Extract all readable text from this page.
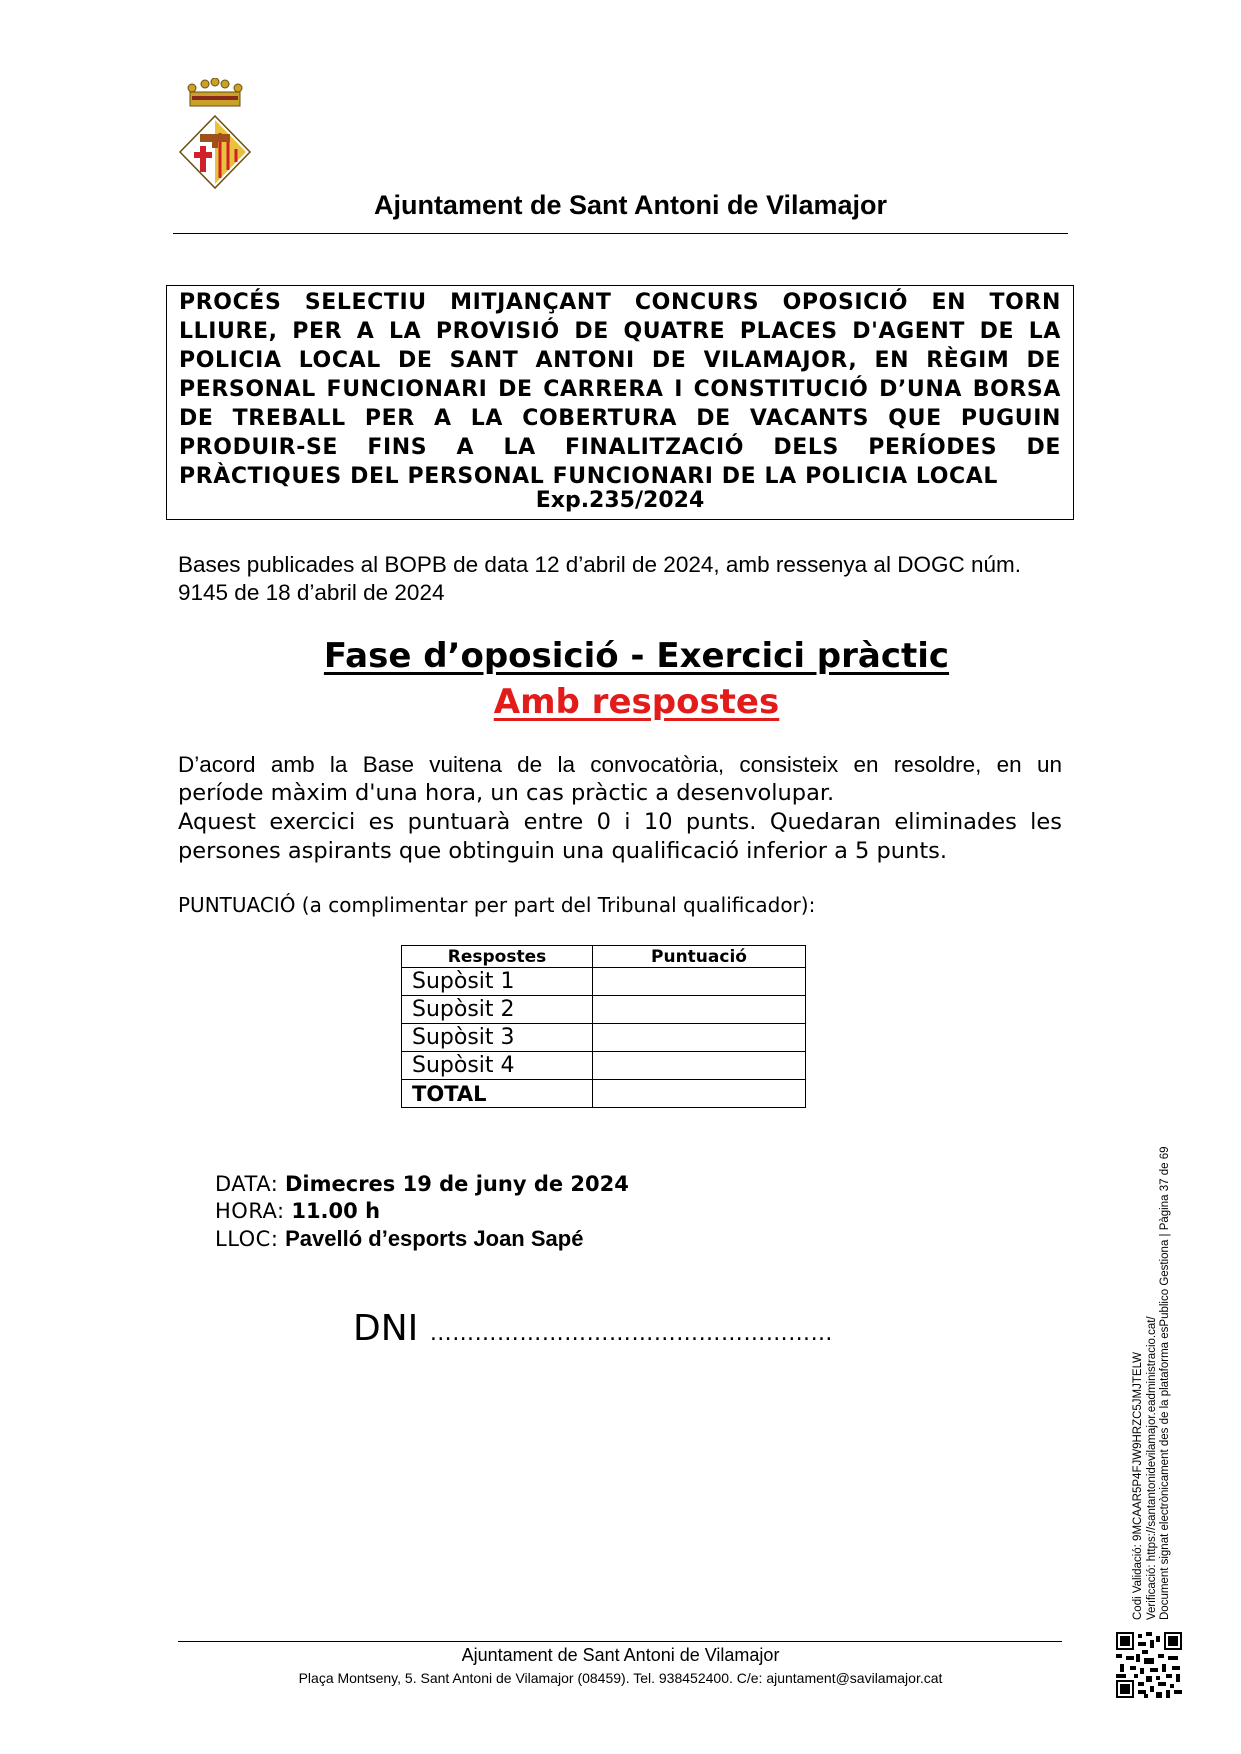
Ajuntament de Sant Antoni de Vilamajor
PROCÉS SELECTIU MITJANÇANT CONCURS OPOSICIÓ EN TORN LLIURE, PER A LA PROVISIÓ DE QUATRE PLACES D'AGENT DE LA POLICIA LOCAL DE SANT ANTONI DE VILAMAJOR, EN RÈGIM DE PERSONAL FUNCIONARI DE CARRERA I CONSTITUCIÓ D’UNA BORSA DE TREBALL PER A LA COBERTURA DE VACANTS QUE PUGUIN PRODUIR-SE FINS A LA FINALITZACIÓ DELS PERÍODES DE PRÀCTIQUES DEL PERSONAL FUNCIONARI DE LA POLICIA LOCAL
Exp.235/2024
Bases publicades al BOPB de data 12 d’abril de 2024, amb ressenya al DOGC núm. 9145 de 18 d’abril de 2024
Fase d’oposició - Exercici pràctic
Amb respostes
D’acord amb la Base vuitena de la convocatòria, consisteix en resoldre, en un
període màxim d'una hora, un cas pràctic a desenvolupar.
Aquest exercici es puntuarà entre 0 i 10 punts. Quedaran eliminades les
persones aspirants que obtinguin una qualificació inferior a 5 punts.
PUNTUACIÓ (a complimentar per part del Tribunal qualificador):
Respostes	Puntuació
Supòsit 1	
Supòsit 2	
Supòsit 3	
Supòsit 4	
TOTAL	
DATA: Dimecres 19 de juny de 2024
HORA: 11.00 h
LLOC: Pavelló d’esports Joan Sapé
DNI ………………………………………………
Ajuntament de Sant Antoni de Vilamajor
Plaça Montseny, 5. Sant Antoni de Vilamajor (08459). Tel. 938452400. C/e: ajuntament@savilamajor.cat
Codi Validació: 9MCAAR5P4FJW9HRZC5JMJTELW Verificació: https://santantonidevilamajor.eadministracio.cat/ Document signat electrònicament des de la plataforma esPublico Gestiona | Pàgina 37 de 69
